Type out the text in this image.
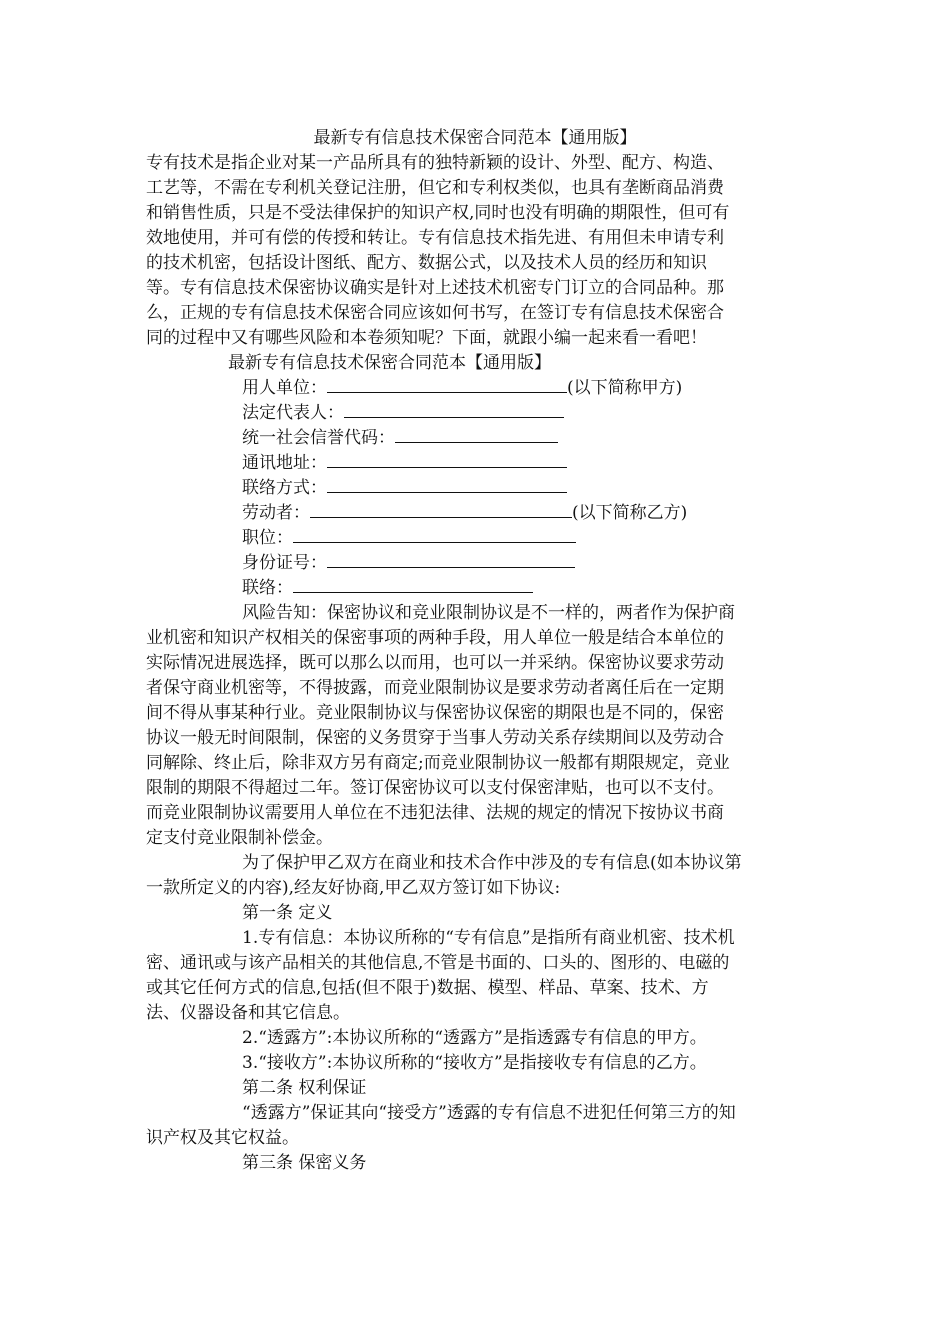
最新专有信息技术保密合同范本【通用版】
专有技术是指企业对某一产品所具有的独特新颖的设计、外型、配方、构造、
工艺等，不需在专利机关登记注册，但它和专利权类似，也具有垄断商品消费
和销售性质，只是不受法律保护的知识产权,同时也没有明确的期限性，但可有
效地使用，并可有偿的传授和转让。专有信息技术指先进、有用但未申请专利
的技术机密，包括设计图纸、配方、数据公式，以及技术人员的经历和知识
等。专有信息技术保密协议确实是针对上述技术机密专门订立的合同品种。那
么，正规的专有信息技术保密合同应该如何书写，在签订专有信息技术保密合
同的过程中又有哪些风险和本卷须知呢？下面，就跟小编一起来看一看吧！
最新专有信息技术保密合同范本【通用版】
用人单位：	(以下简称甲方)
法定代表人：
统一社会信誉代码：
通讯地址：
联络方式：
劳动者：	(以下简称乙方)
职位：
身份证号：
联络：
风险告知：保密协议和竞业限制协议是不一样的，两者作为保护商
业机密和知识产权相关的保密事项的两种手段，用人单位一般是结合本单位的
实际情况进展选择，既可以那么以而用，也可以一并采纳。保密协议要求劳动
者保守商业机密等，不得披露，而竞业限制协议是要求劳动者离任后在一定期
间不得从事某种行业。竞业限制协议与保密协议保密的期限也是不同的，保密
协议一般无时间限制，保密的义务贯穿于当事人劳动关系存续期间以及劳动合
同解除、终止后，除非双方另有商定;而竞业限制协议一般都有期限规定，竞业
限制的期限不得超过二年。签订保密协议可以支付保密津贴，也可以不支付。
而竞业限制协议需要用人单位在不违犯法律、法规的规定的情况下按协议书商
定支付竞业限制补偿金。
为了保护甲乙双方在商业和技术合作中涉及的专有信息(如本协议第
一款所定义的内容),经友好协商,甲乙双方签订如下协议:
第一条 定义
1.专有信息：本协议所称的“专有信息”是指所有商业机密、技术机
密、通讯或与该产品相关的其他信息,不管是书面的、口头的、图形的、电磁的
或其它任何方式的信息,包括(但不限于)数据、模型、样品、草案、技术、方
法、仪器设备和其它信息。
2.“透露方”:本协议所称的“透露方”是指透露专有信息的甲方。
3.“接收方”:本协议所称的“接收方”是指接收专有信息的乙方。
第二条 权利保证
“透露方”保证其向“接受方”透露的专有信息不进犯任何第三方的知
识产权及其它权益。
第三条 保密义务
